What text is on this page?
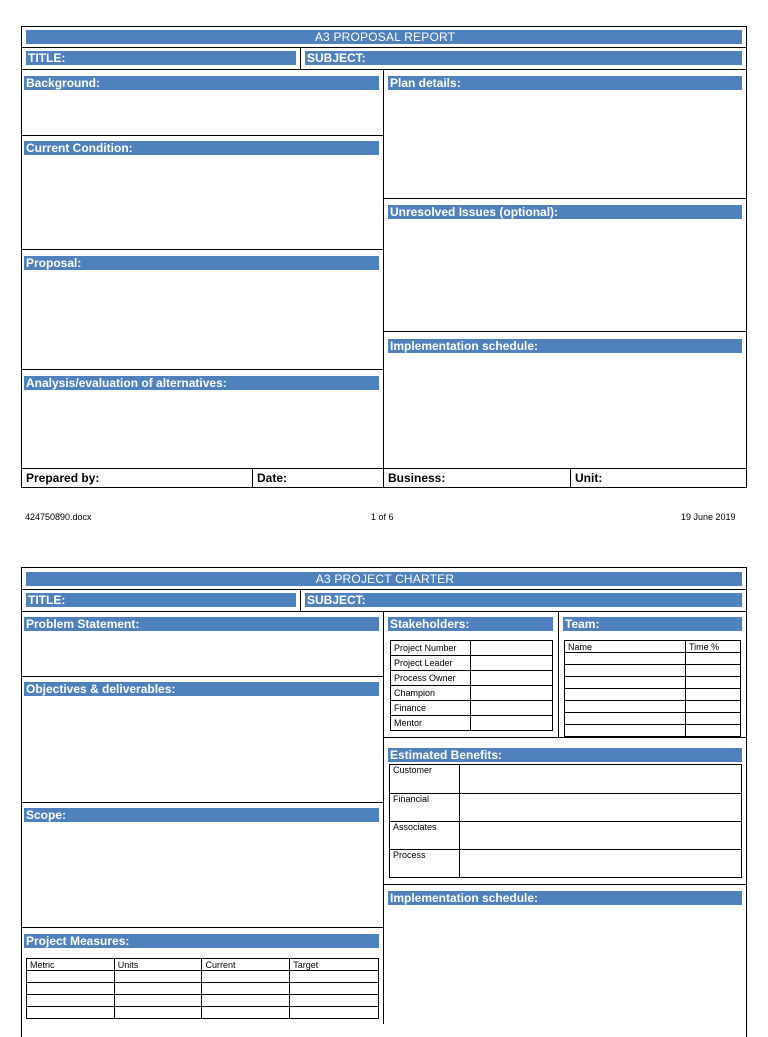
A3 PROPOSAL REPORT
TITLE:	SUBJECT:
Background:
Current Condition:
Proposal:
Analysis/evaluation of alternatives:
Plan details:
Unresolved Issues (optional):
Implementation schedule:
Prepared by:	Date:	Business:	Unit:
424750890.docx	1 of 6	19 June 2019
A3 PROJECT CHARTER
TITLE:	SUBJECT:
Problem Statement:
Objectives & deliverables:
Scope:
Project Measures:
Metric	Units	Current	Target

Stakeholders:	Team:
Project Number	
Project Leader	
Process Owner	
Champion	
Finance	
Mentor	
Name	Time %

Estimated Benefits:
Customer	
Financial	
Associates	
Process	
Implementation schedule:
